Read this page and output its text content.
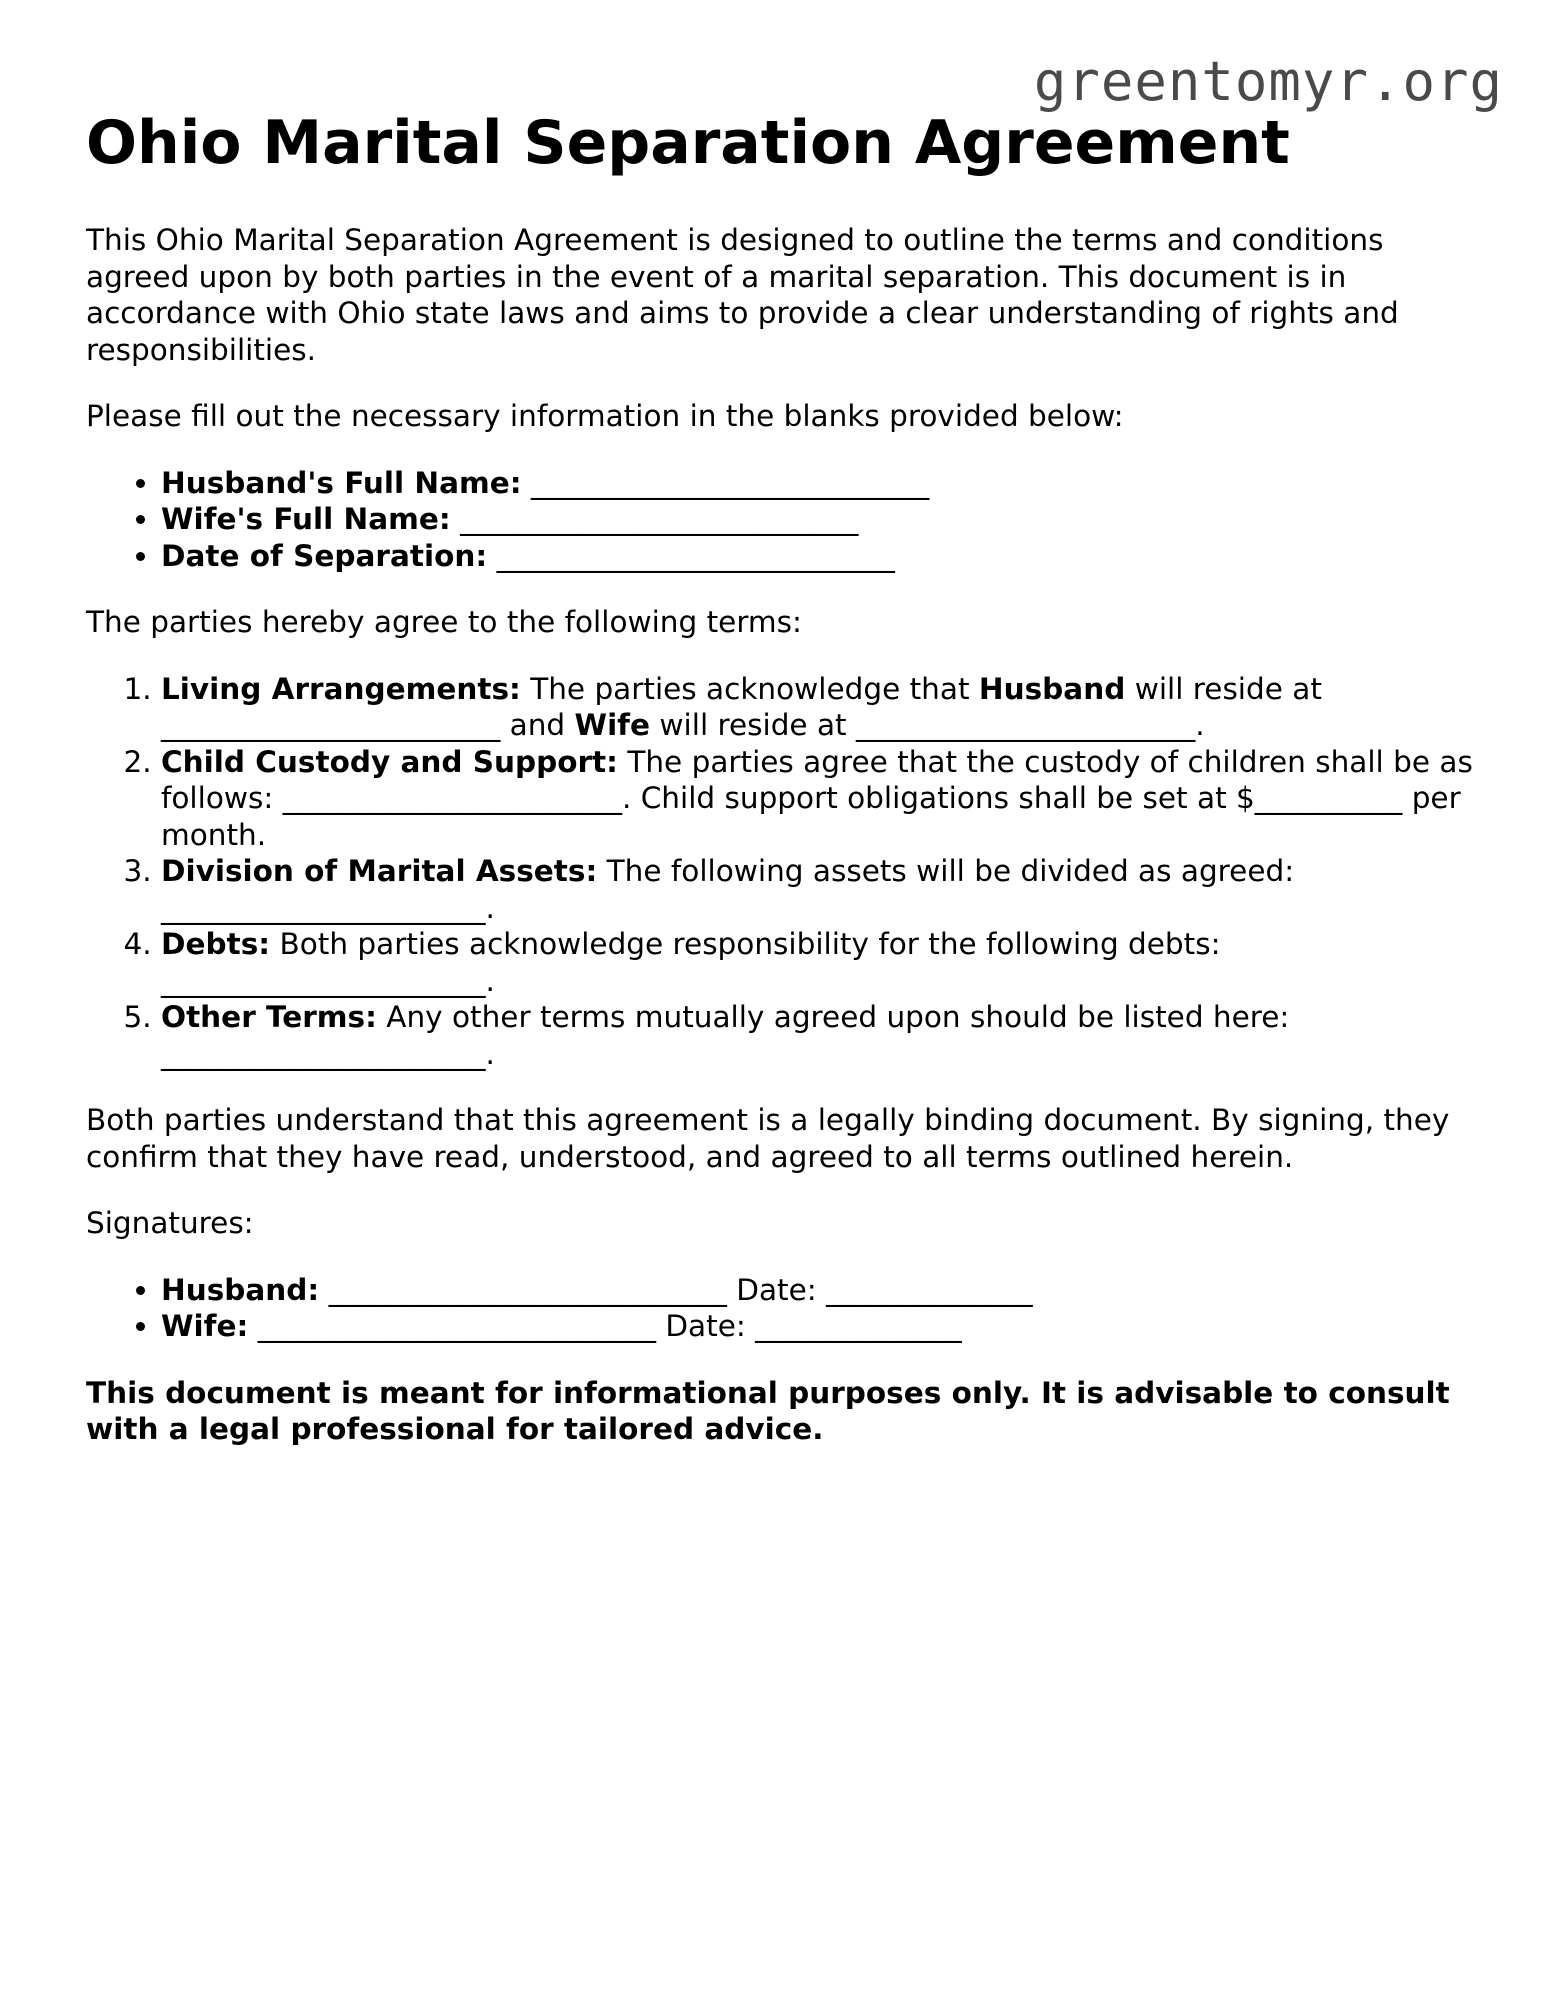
greentomyr.org
Ohio Marital Separation Agreement

This Ohio Marital Separation Agreement is designed to outline the terms and conditions agreed upon by both parties in the event of a marital separation. This document is in accordance with Ohio state laws and aims to provide a clear understanding of rights and responsibilities.

Please fill out the necessary information in the blanks provided below:

• Husband's Full Name: ___________________________
• Wife's Full Name: ___________________________
• Date of Separation: ___________________________

The parties hereby agree to the following terms:

1. Living Arrangements: The parties acknowledge that Husband will reside at _______________________ and Wife will reside at _______________________.
2. Child Custody and Support: The parties agree that the custody of children shall be as follows: _______________________. Child support obligations shall be set at $__________ per month.
3. Division of Marital Assets: The following assets will be divided as agreed: ______________________.
4. Debts: Both parties acknowledge responsibility for the following debts: ______________________.
5. Other Terms: Any other terms mutually agreed upon should be listed here: ______________________.

Both parties understand that this agreement is a legally binding document. By signing, they confirm that they have read, understood, and agreed to all terms outlined herein.

Signatures:

• Husband: ___________________________ Date: ______________
• Wife: ___________________________ Date: ______________

This document is meant for informational purposes only. It is advisable to consult with a legal professional for tailored advice.
